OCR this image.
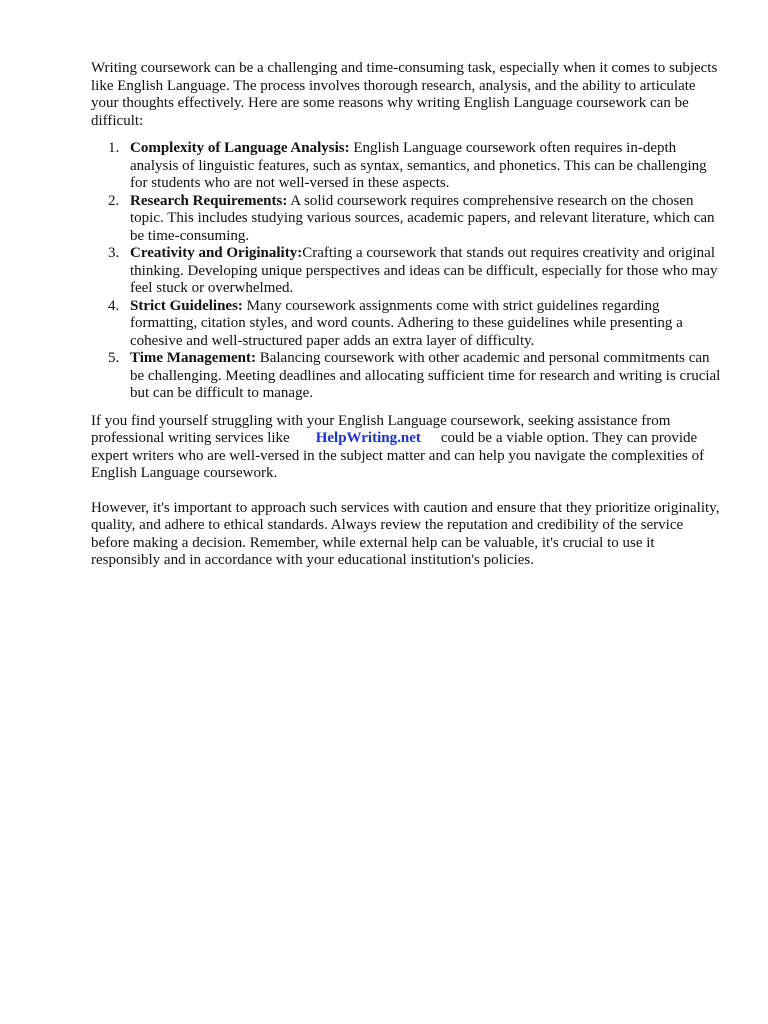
Writing coursework can be a challenging and time-consuming task, especially when it comes to subjects like English Language. The process involves thorough research, analysis, and the ability to articulate your thoughts effectively. Here are some reasons why writing English Language coursework can be difficult:

Complexity of Language Analysis: English Language coursework often requires in-depth analysis of linguistic features, such as syntax, semantics, and phonetics. This can be challenging for students who are not well-versed in these aspects.
Research Requirements: A solid coursework requires comprehensive research on the chosen topic. This includes studying various sources, academic papers, and relevant literature, which can be time-consuming.
Creativity and Originality:Crafting a coursework that stands out requires creativity and original thinking. Developing unique perspectives and ideas can be difficult, especially for those who may feel stuck or overwhelmed.
Strict Guidelines: Many coursework assignments come with strict guidelines regarding formatting, citation styles, and word counts. Adhering to these guidelines while presenting a cohesive and well-structured paper adds an extra layer of difficulty.
Time Management: Balancing coursework with other academic and personal commitments can be challenging. Meeting deadlines and allocating sufficient time for research and writing is crucial but can be difficult to manage.

If you find yourself struggling with your English Language coursework, seeking assistance from professional writing services like HelpWriting.net could be a viable option. They can provide expert writers who are well-versed in the subject matter and can help you navigate the complexities of English Language coursework.

However, it's important to approach such services with caution and ensure that they prioritize originality, quality, and adhere to ethical standards. Always review the reputation and credibility of the service before making a decision. Remember, while external help can be valuable, it's crucial to use it responsibly and in accordance with your educational institution's policies.
